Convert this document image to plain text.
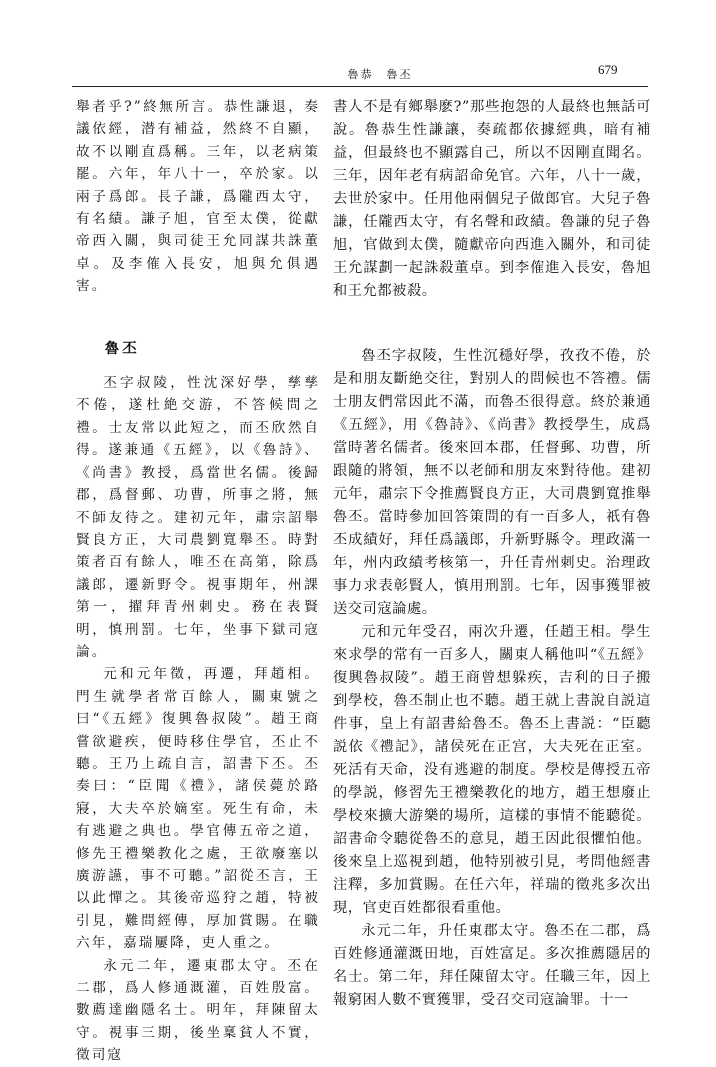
魯恭　魯丕	679

舉者乎?”終無所言。恭性謙退，奏議依經，潜有補益，然終不自顯，故不以剛直爲稱。三年，以老病策罷。六年，年八十一，卒於家。以兩子爲郎。長子謙，爲隴西太守，有名績。謙子旭，官至太僕，從獻帝西入關，與司徒王允同謀共誅董卓。及李傕入長安，旭與允俱遇害。

魯丕

丕字叔陵，性沈深好學，孳孳不倦，遂杜絶交游，不答候問之禮。士友常以此短之，而丕欣然自得。遂兼通《五經》，以《魯詩》、《尚書》教授，爲當世名儒。後歸郡，爲督郵、功曹，所事之將，無不師友待之。建初元年，肅宗詔舉賢良方正，大司農劉寬舉丕。時對策者百有餘人，唯丕在高第，除爲議郎，遷新野令。視事期年，州課第一，擢拜青州刺史。務在表賢明，慎刑罰。七年，坐事下獄司寇論。

元和元年徵，再遷，拜趙相。門生就學者常百餘人，關東號之曰“《五經》復興魯叔陵”。趙王商嘗欲避疾，便時移住學官，丕止不聽。王乃上疏自言，詔書下丕。丕奏曰：“臣聞《禮》，諸侯薨於路寢，大夫卒於嫡室。死生有命，未有逃避之典也。學官傳五帝之道，修先王禮樂教化之處，王欲廢塞以廣游讌，事不可聽。”詔從丕言，王以此憚之。其後帝巡狩之趙，特被引見，難問經傳，厚加賞賜。在職六年，嘉瑞屢降，吏人重之。

永元二年，遷東郡太守。丕在二郡，爲人修通溉灌，百姓殷富。數薦達幽隱名士。明年，拜陳留太守。視事三期，後坐稟貧人不實，徵司寇

書人不是有鄉舉麽?”那些抱怨的人最終也無話可說。魯恭生性謙讓，奏疏都依據經典，暗有補益，但最終也不顯露自己，所以不因剛直聞名。三年，因年老有病詔命免官。六年，八十一歲，去世於家中。任用他兩個兒子做郎官。大兒子魯謙，任隴西太守，有名聲和政績。魯謙的兒子魯旭，官做到太僕，隨獻帝向西進入關外，和司徒王允謀劃一起誅殺董卓。到李傕進入長安，魯旭和王允都被殺。

魯丕字叔陵，生性沉穩好學，孜孜不倦，於是和朋友斷絶交往，對别人的問候也不答禮。儒士朋友們常因此不滿，而魯丕很得意。終於兼通《五經》，用《魯詩》、《尚書》教授學生，成爲當時著名儒者。後來回本郡，任督郵、功曹，所跟隨的將領，無不以老師和朋友來對待他。建初元年，肅宗下令推薦賢良方正，大司農劉寬推舉魯丕。當時參加回答策問的有一百多人，祇有魯丕成績好，拜任爲議郎，升新野縣令。理政滿一年，州内政績考核第一，升任青州刺史。治理政事力求表彰賢人，慎用刑罰。七年，因事獲罪被送交司寇論處。

元和元年受召，兩次升遷，任趙王相。學生來求學的常有一百多人，關東人稱他叫“《五經》復興魯叔陵”。趙王商曾想躲疾，吉利的日子搬到學校，魯丕制止也不聽。趙王就上書說自説這件事，皇上有詔書給魯丕。魯丕上書説：“臣聽説依《禮記》，諸侯死在正宫，大夫死在正室。死活有天命，没有逃避的制度。學校是傳授五帝的學説，修習先王禮樂教化的地方，趙王想廢止學校來擴大游樂的場所，這樣的事情不能聽從。詔書命令聽從魯丕的意見，趙王因此很懼怕他。後來皇上巡視到趙，他特别被引見，考問他經書注釋，多加賞賜。在任六年，祥瑞的徵兆多次出現，官吏百姓都很看重他。

永元二年，升任東郡太守。魯丕在二郡，爲百姓修通灌溉田地，百姓富足。多次推薦隱居的名士。第二年，拜任陳留太守。任職三年，因上報窮困人數不實獲罪，受召交司寇論罪。十一
